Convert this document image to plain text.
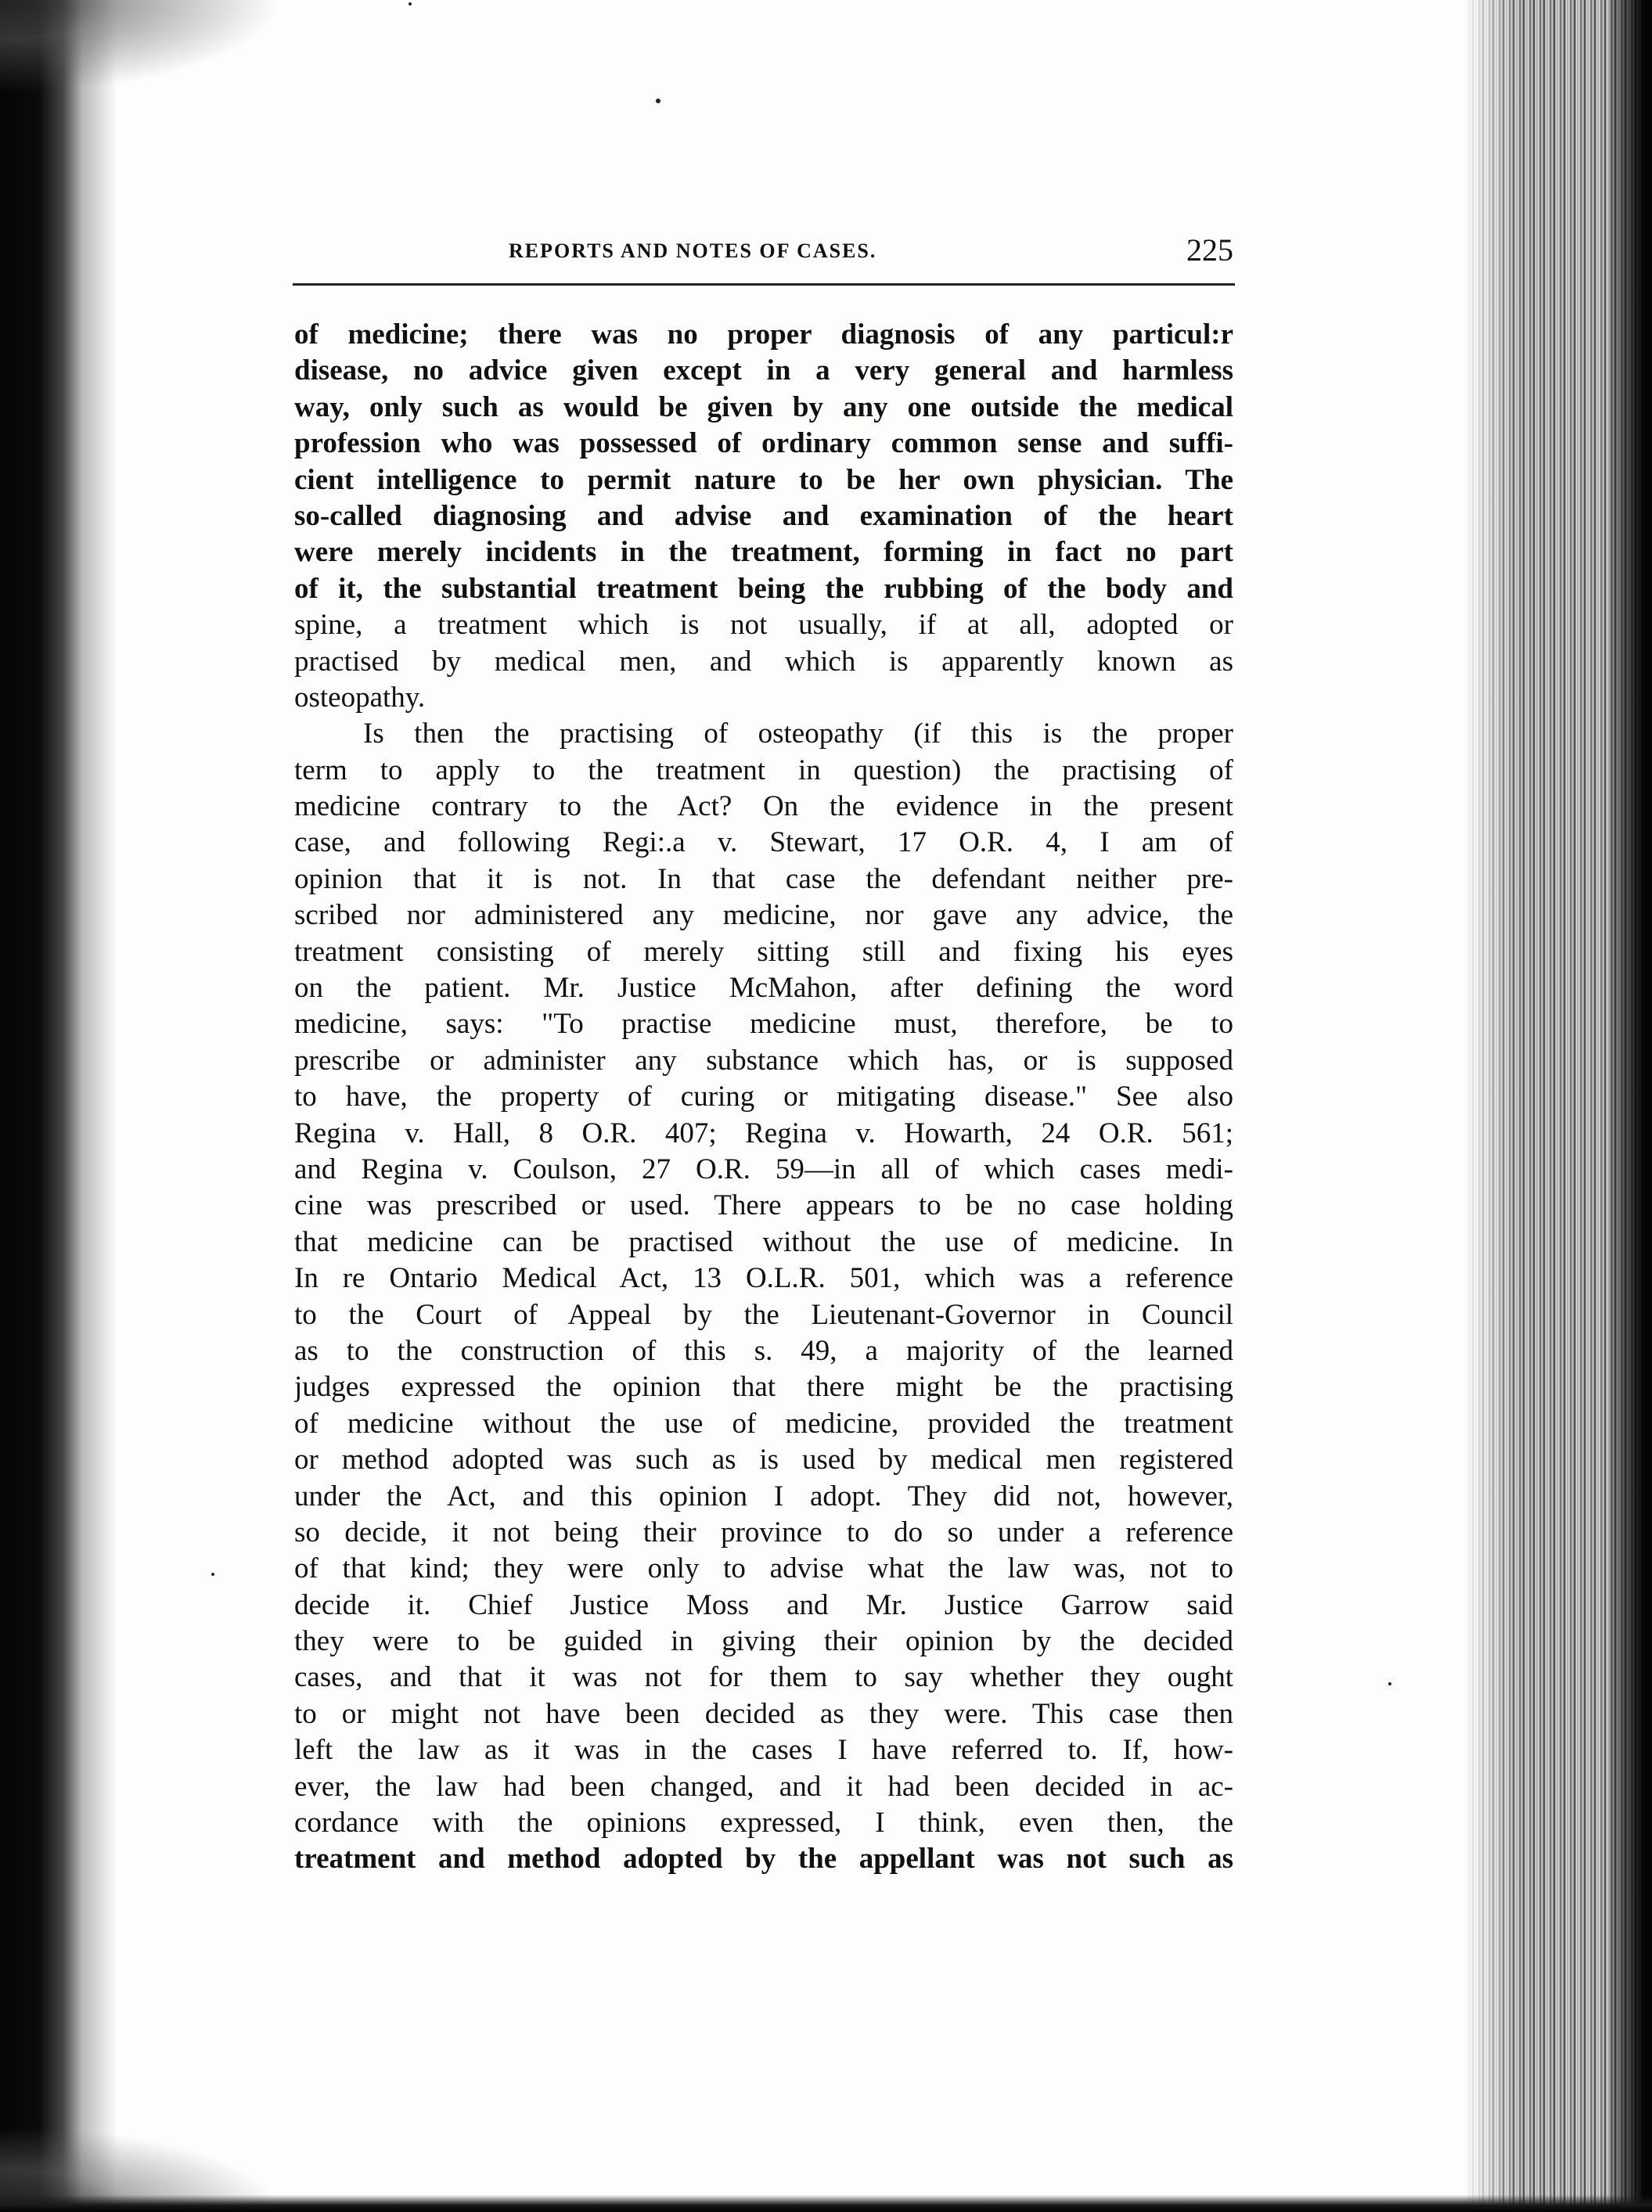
REPORTS AND NOTES OF CASES.	225
of medicine; there was no proper diagnosis of any particul:r
disease, no advice given except in a very general and harmless
way, only such as would be given by any one outside the medical
profession who was possessed of ordinary common sense and suffi-
cient intelligence to permit nature to be her own physician. The
so-called diagnosing and advise and examination of the heart
were merely incidents in the treatment, forming in fact no part
of it, the substantial treatment being the rubbing of the body and
spine, a treatment which is not usually, if at all, adopted or
practised by medical men, and which is apparently known as
osteopathy.
Is then the practising of osteopathy (if this is the proper
term to apply to the treatment in question) the practising of
medicine contrary to the Act? On the evidence in the present
case, and following Regi:.a v. Stewart, 17 O.R. 4, I am of
opinion that it is not. In that case the defendant neither pre-
scribed nor administered any medicine, nor gave any advice, the
treatment consisting of merely sitting still and fixing his eyes
on the patient. Mr. Justice McMahon, after defining the word
medicine, says: "To practise medicine must, therefore, be to
prescribe or administer any substance which has, or is supposed
to have, the property of curing or mitigating disease." See also
Regina v. Hall, 8 O.R. 407; Regina v. Howarth, 24 O.R. 561;
and Regina v. Coulson, 27 O.R. 59—in all of which cases medi-
cine was prescribed or used. There appears to be no case holding
that medicine can be practised without the use of medicine. In
In re Ontario Medical Act, 13 O.L.R. 501, which was a reference
to the Court of Appeal by the Lieutenant-Governor in Council
as to the construction of this s. 49, a majority of the learned
judges expressed the opinion that there might be the practising
of medicine without the use of medicine, provided the treatment
or method adopted was such as is used by medical men registered
under the Act, and this opinion I adopt. They did not, however,
so decide, it not being their province to do so under a reference
of that kind; they were only to advise what the law was, not to
decide it. Chief Justice Moss and Mr. Justice Garrow said
they were to be guided in giving their opinion by the decided
cases, and that it was not for them to say whether they ought
to or might not have been decided as they were. This case then
left the law as it was in the cases I have referred to. If, how-
ever, the law had been changed, and it had been decided in ac-
cordance with the opinions expressed, I think, even then, the
treatment and method adopted by the appellant was not such as
